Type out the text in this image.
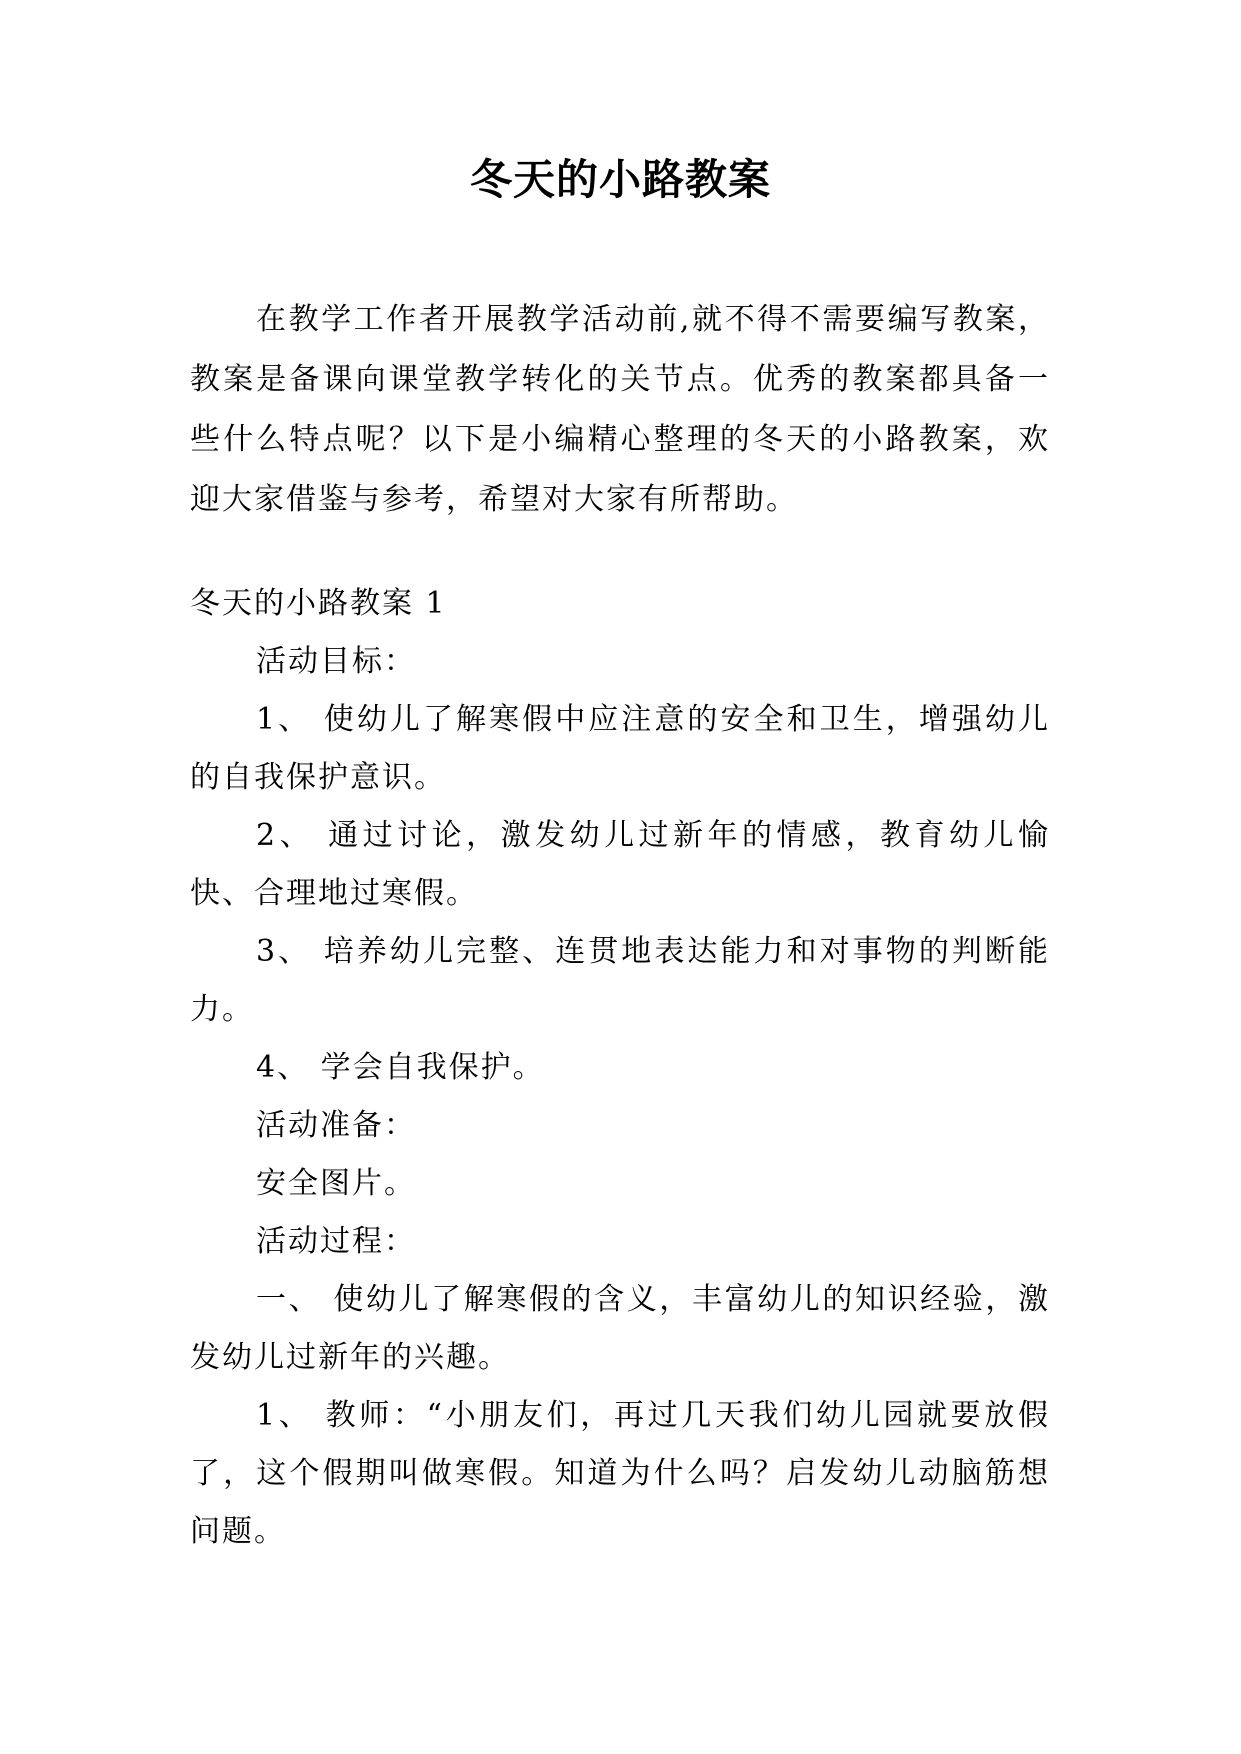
冬天的小路教案

在教学工作者开展教学活动前,就不得不需要编写教案，教案是备课向课堂教学转化的关节点。优秀的教案都具备一些什么特点呢？以下是小编精心整理的冬天的小路教案，欢迎大家借鉴与参考，希望对大家有所帮助。

冬天的小路教案 1

活动目标：

1、 使幼儿了解寒假中应注意的安全和卫生，增强幼儿的自我保护意识。

2、 通过讨论，激发幼儿过新年的情感，教育幼儿愉快、合理地过寒假。

3、 培养幼儿完整、连贯地表达能力和对事物的判断能力。

4、 学会自我保护。

活动准备：

安全图片。

活动过程：

一、 使幼儿了解寒假的含义，丰富幼儿的知识经验，激发幼儿过新年的兴趣。

1、 教师：“小朋友们，再过几天我们幼儿园就要放假了，这个假期叫做寒假。知道为什么吗？启发幼儿动脑筋想问题。
